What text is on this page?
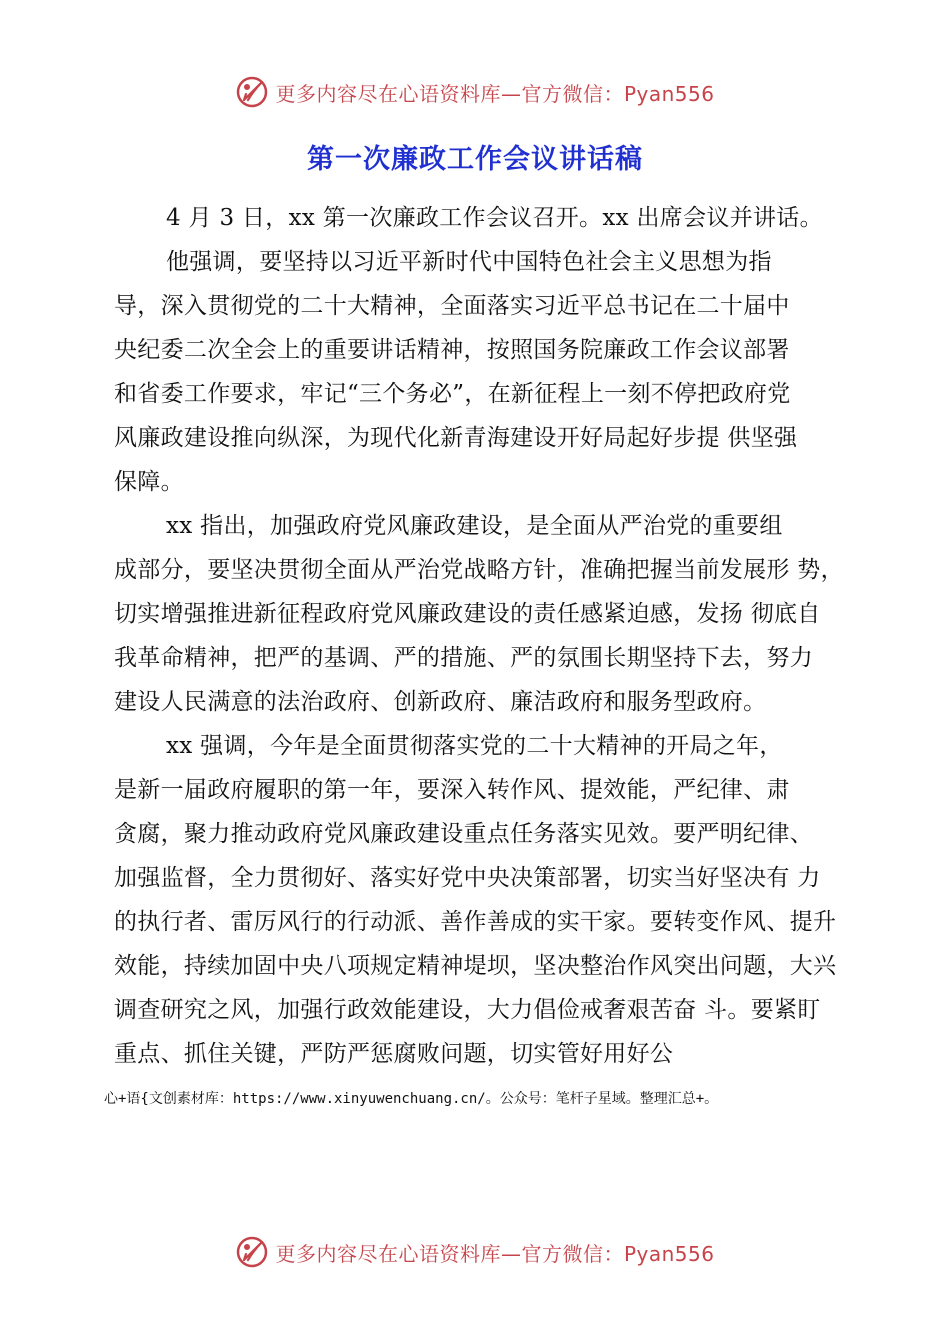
更多内容尽在心语资料库—官方微信：Pyan556
第一次廉政工作会议讲话稿
4 月 3 日，xx 第一次廉政工作会议召开。xx 出席会议并讲话。
他强调，要坚持以习近平新时代中国特色社会主义思想为指
导，深入贯彻党的二十大精神，全面落实习近平总书记在二十届中
央纪委二次全会上的重要讲话精神，按照国务院廉政工作会议部署
和省委工作要求，牢记“三个务必”，在新征程上一刻不停把政府党
风廉政建设推向纵深，为现代化新青海建设开好局起好步提 供坚强
保障。
xx 指出，加强政府党风廉政建设，是全面从严治党的重要组
成部分，要坚决贯彻全面从严治党战略方针，准确把握当前发展形 势，
切实增强推进新征程政府党风廉政建设的责任感紧迫感，发扬 彻底自
我革命精神，把严的基调、严的措施、严的氛围长期坚持下去，努力
建设人民满意的法治政府、创新政府、廉洁政府和服务型政府。
xx 强调，今年是全面贯彻落实党的二十大精神的开局之年，
是新一届政府履职的第一年，要深入转作风、提效能，严纪律、肃
贪腐，聚力推动政府党风廉政建设重点任务落实见效。要严明纪律、
加强监督，全力贯彻好、落实好党中央决策部署，切实当好坚决有 力
的执行者、雷厉风行的行动派、善作善成的实干家。要转变作风、提升
效能，持续加固中央八项规定精神堤坝，坚决整治作风突出问题，大兴
调查研究之风，加强行政效能建设，大力倡俭戒奢艰苦奋 斗。要紧盯
重点、抓住关键，严防严惩腐败问题，切实管好用好公
心+语{文创素材库：https://www.xinyuwenchuang.cn/。公众号：笔杆子星域。整理汇总+。
更多内容尽在心语资料库—官方微信：Pyan556
